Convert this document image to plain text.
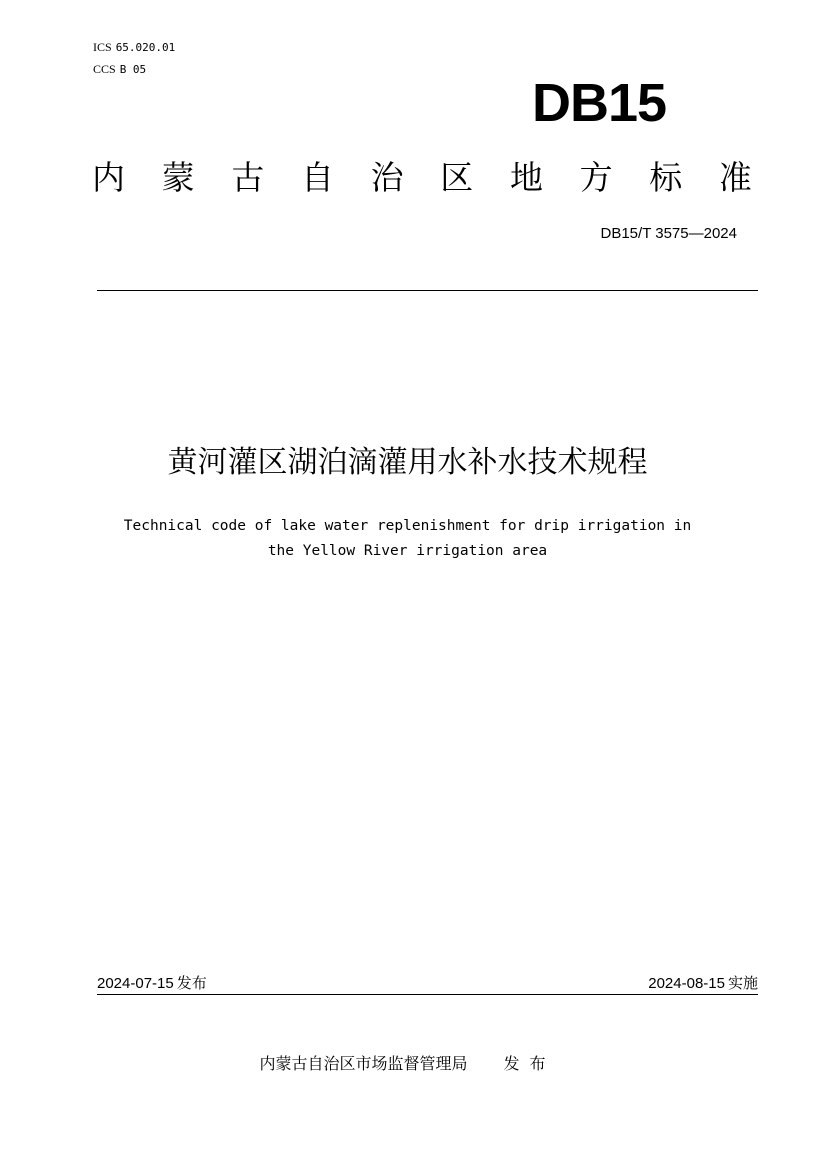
ICS 65.020.01
CCS B 05
DB15
内 蒙 古 自 治 区 地 方 标 准
DB15/T 3575—2024
黄河灌区湖泊滴灌用水补水技术规程
Technical code of lake water replenishment for drip irrigation in
the Yellow River irrigation area
2024-07-15 发布	2024-08-15 实施
内蒙古自治区市场监督管理局 发布
